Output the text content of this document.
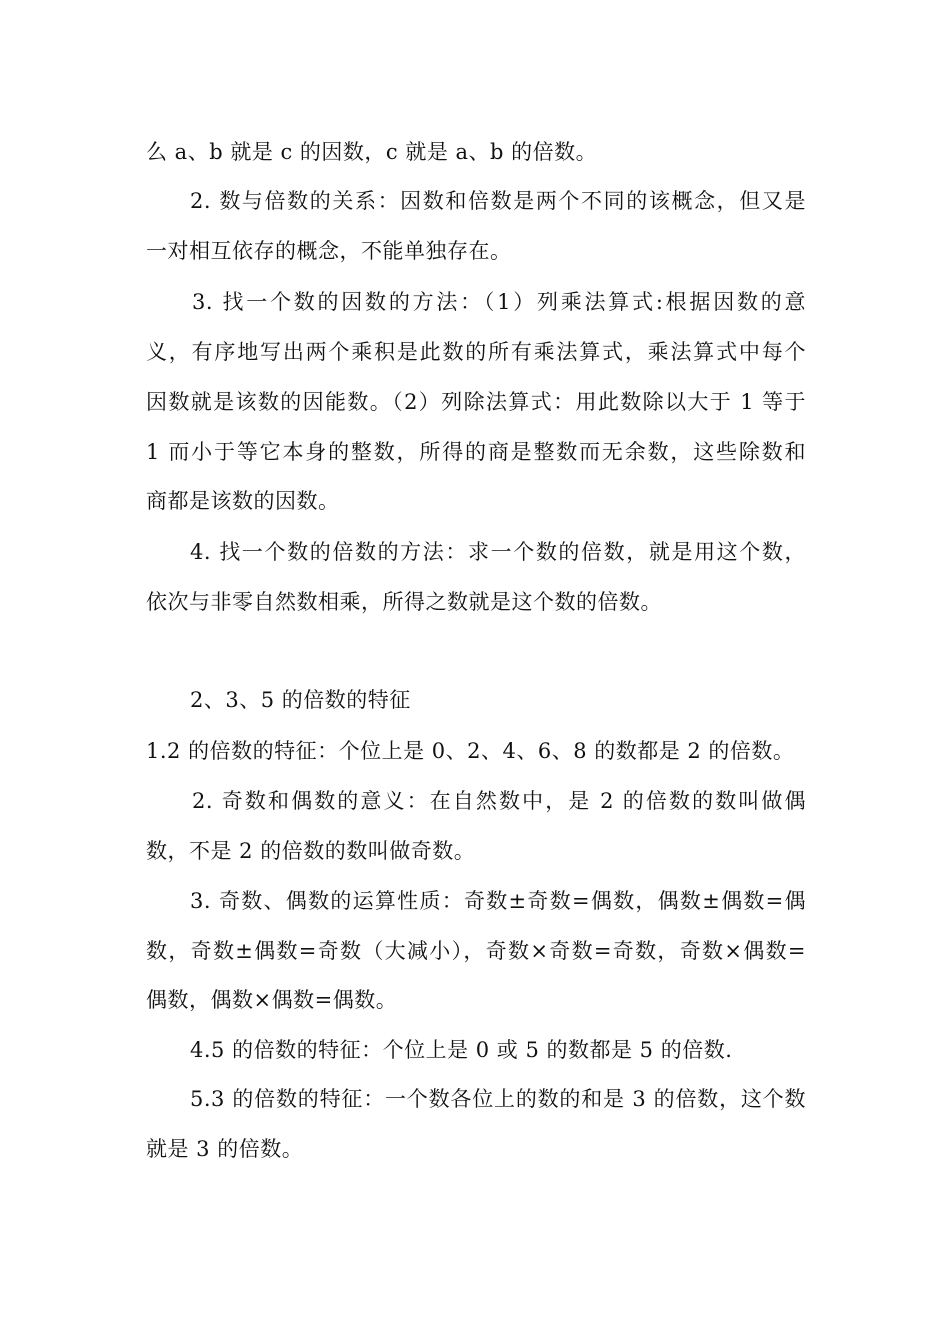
么 a、b 就是 c 的因数，c 就是 a、b 的倍数。
2. 数与倍数的关系：因数和倍数是两个不同的该概念，但又是
一对相互依存的概念，不能单独存在。
3. 找一个数的因数的方法：（1）列乘法算式:根据因数的意
义，有序地写出两个乘积是此数的所有乘法算式，乘法算式中每个
因数就是该数的因能数。（2）列除法算式：用此数除以大于 1 等于
1 而小于等它本身的整数，所得的商是整数而无余数，这些除数和
商都是该数的因数。
4. 找一个数的倍数的方法：求一个数的倍数，就是用这个数，
依次与非零自然数相乘，所得之数就是这个数的倍数。
2、3、5 的倍数的特征
1.2 的倍数的特征：个位上是 0、2、4、6、8 的数都是 2 的倍数。
2. 奇数和偶数的意义：在自然数中，是 2 的倍数的数叫做偶
数，不是 2 的倍数的数叫做奇数。
3. 奇数、偶数的运算性质：奇数±奇数=偶数，偶数±偶数=偶
数，奇数±偶数=奇数（大减小），奇数×奇数=奇数，奇数×偶数=
偶数，偶数×偶数=偶数。
4.5 的倍数的特征：个位上是 0 或 5 的数都是 5 的倍数.
5.3 的倍数的特征：一个数各位上的数的和是 3 的倍数，这个数
就是 3 的倍数。
